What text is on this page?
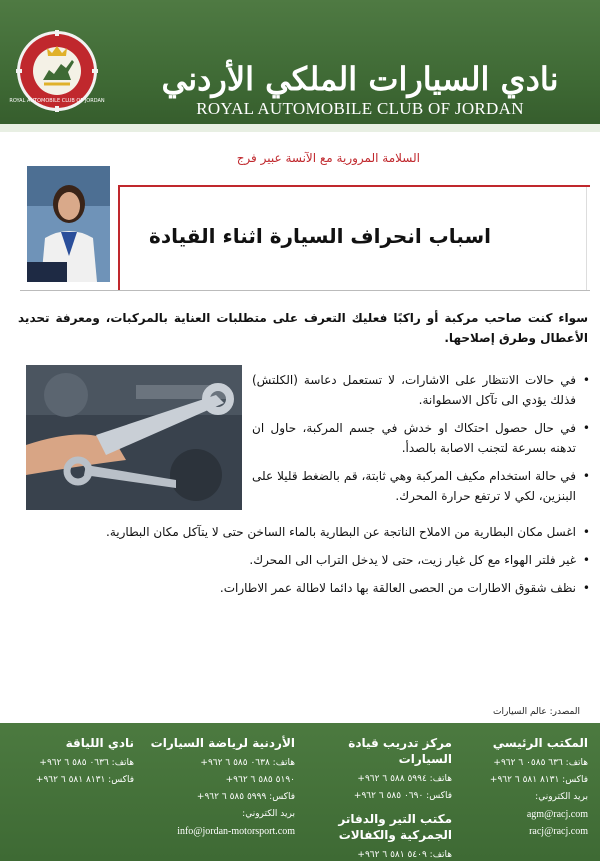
ROYAL AUTOMOBILE CLUB OF JORDAN
نادي السيارات الملكي الأردني
ROYAL AUTOMOBILE CLUB OF JORDAN
السلامة المرورية مع الآنسة عبير فرج
اسباب انحراف السيارة اثناء القيادة

سواء كنت صاحب مركبة أو راكبًا فعليك التعرف على متطلبات العناية بالمركبات، ومعرفة تحديد الأعطال وطرق إصلاحها.

• في حالات الانتظار على الاشارات، لا تستعمل دعاسة (الكلتش) فذلك يؤدي الى تآكل الاسطوانة.

• في حال حصول احتكاك او خدش في جسم المركبة، حاول ان تدهنه بسرعة لتجنب الاصابة بالصدأ.

• في حالة استخدام مكيف المركبة وهي ثابتة، قم بالضغط قليلا على البنزين، لكي لا ترتفع حرارة المحرك.

• اغسل مكان البطارية من الاملاح الناتجة عن البطارية بالماء الساخن حتى لا يتآكل مكان البطارية.

• غير فلتر الهواء مع كل غيار زيت، حتى لا يدخل التراب الى المحرك.

• نظف شقوق الاطارات من الحصى العالقة بها دائما لاطالة عمر الاطارات.

المصدر: عالم السيارات
المكتب الرئيسي
هاتف: ٦٣٦ ٠٥٨٥ ٦ ٩٦٢+
فاكس: ٨١٣١ ٥٨١ ٦ ٩٦٢+
بريد الكتروني:
agm@racj.com
racj@racj.com
مركز تدريب قيادة السيارات
هاتف: ٥٩٩٤ ٥٨٨ ٦ ٩٦٢+
فاكس: ٠٦٩٠ ٥٨٥ ٦ ٩٦٢+
مكتب التير والدفاتر الجمركية والكفالات
هاتف: ٥٤٠٩ ٥٨١ ٦ ٩٦٢+
الأردنية لرياضة السيارات
هاتف: ٠٦٣٨ ٥٨٥ ٦ ٩٦٢+
٥١٩٠ ٥٨٥ ٦ ٩٦٢+
فاكس: ٥٩٩٩ ٥٨٥ ٦ ٩٦٢+
بريد الكتروني:
info@jordan-motorsport.com
نادي اللياقة
هاتف: ٠٦٣٦ ٥٨٥ ٦ ٩٦٢+
فاكس: ٨١٣١ ٥٨١ ٦ ٩٦٢+
